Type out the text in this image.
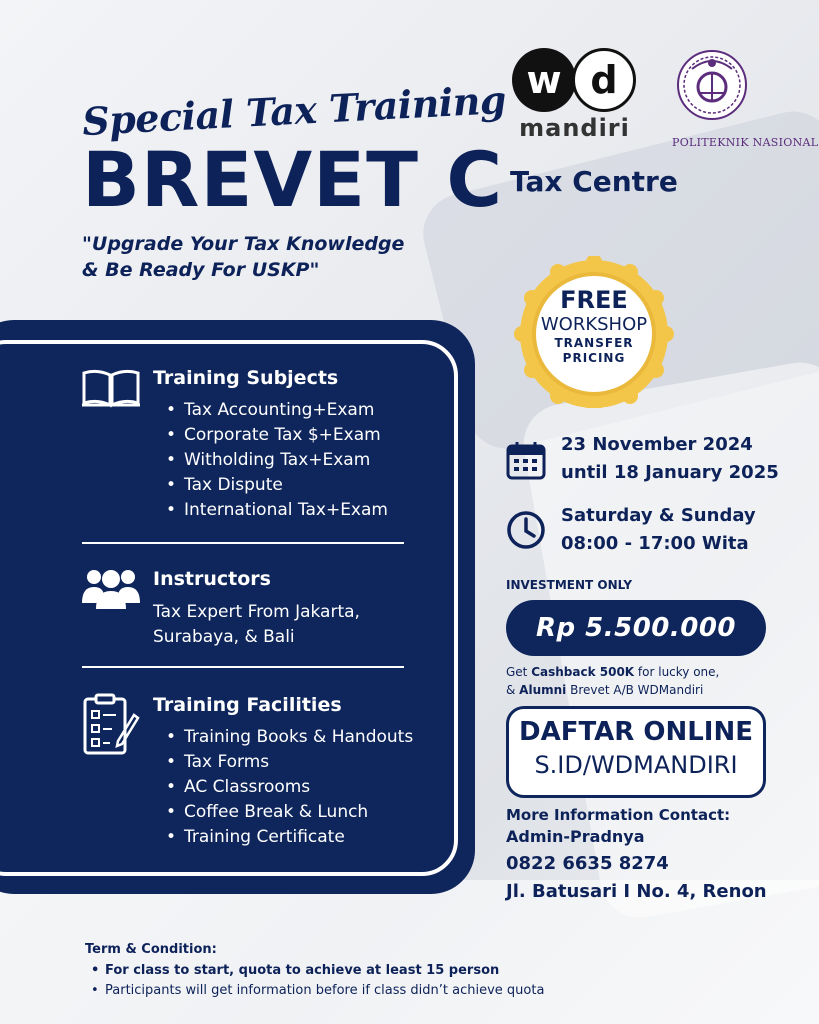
Special Tax Training
BREVET C
"Upgrade Your Tax Knowledge
& Be Ready For USKP"
w d
mandiri
POLITEKNIK NASIONAL
Tax Centre
FREE
WORKSHOP
TRANSFER
PRICING
Training Subjects
• Tax Accounting+Exam
• Corporate Tax $+Exam
• Witholding Tax+Exam
• Tax Dispute
• International Tax+Exam
Instructors
Tax Expert From Jakarta,
Surabaya, & Bali
Training Facilities
• Training Books & Handouts
• Tax Forms
• AC Classrooms
• Coffee Break & Lunch
• Training Certificate
23 November 2024
until 18 January 2025
Saturday & Sunday
08:00 - 17:00 Wita
INVESTMENT ONLY
Rp 5.500.000
Get Cashback 500K for lucky one,
& Alumni Brevet A/B WDMandiri
DAFTAR ONLINE
S.ID/WDMANDIRI
More Information Contact:
Admin-Pradnya
0822 6635 8274
Jl. Batusari I No. 4, Renon
Term & Condition:
• For class to start, quota to achieve at least 15 person
• Participants will get information before if class didn’t achieve quota
